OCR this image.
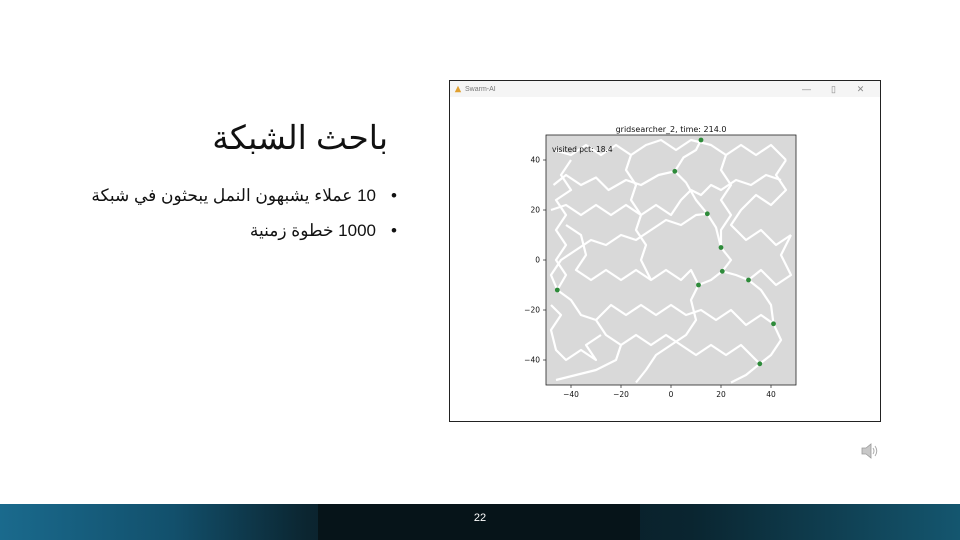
باحث الشبكة
•10 عملاء يشبهون النمل يبحثون في شبكة
•1000 خطوة زمنية
Swarm-AI	—	▯	✕
gridsearcher_2, time: 214.0
visited pct: 18.4
−40	−20	0	20	40
40
20
0
−20
−40
22
